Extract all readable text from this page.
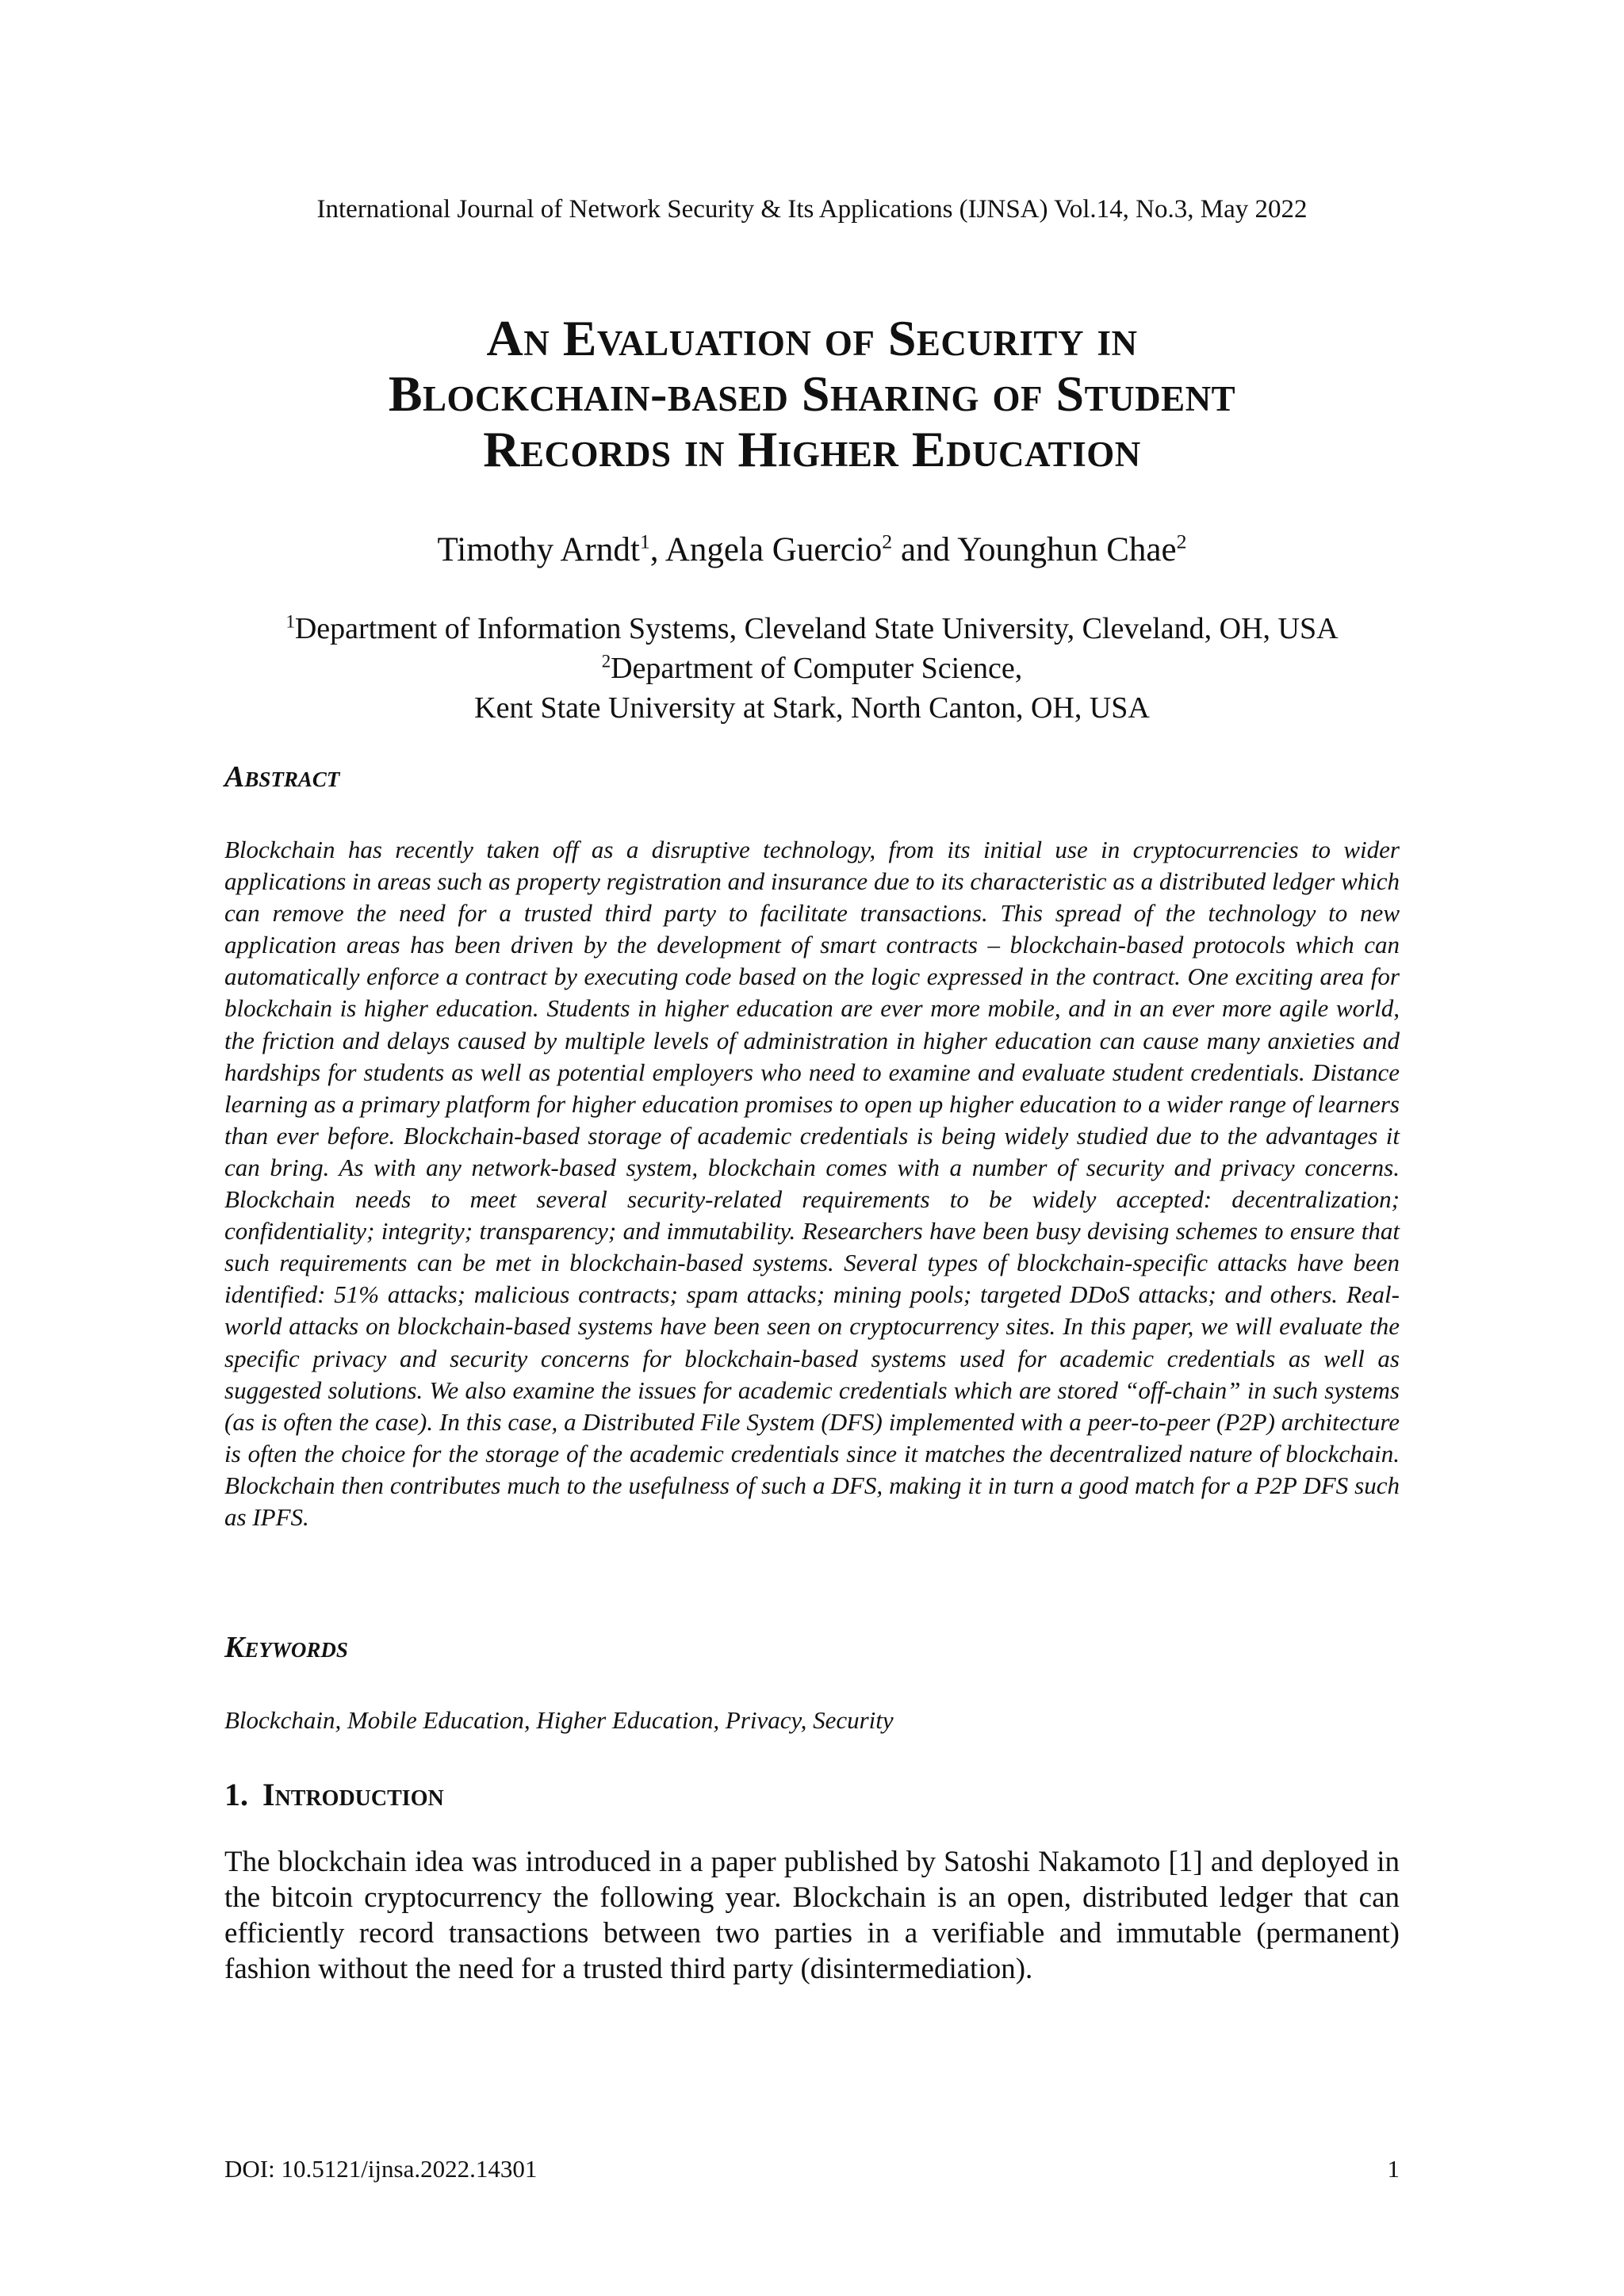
International Journal of Network Security & Its Applications (IJNSA) Vol.14, No.3, May 2022
An Evaluation of Security in
Blockchain-based Sharing of Student
Records in Higher Education
Timothy Arndt$^1$, Angela Guercio$^2$ and Younghun Chae$^2$
$^1$Department of Information Systems, Cleveland State University, Cleveland, OH, USA
$^2$Department of Computer Science,
Kent State University at Stark, North Canton, OH, USA
Abstract
Blockchain has recently taken off as a disruptive technology, from its initial use in cryptocurrencies to wider applications in areas such as property registration and insurance due to its characteristic as a distributed ledger which can remove the need for a trusted third party to facilitate transactions. This spread of the technology to new application areas has been driven by the development of smart contracts – blockchain-based protocols which can automatically enforce a contract by executing code based on the logic expressed in the contract. One exciting area for blockchain is higher education. Students in higher education are ever more mobile, and in an ever more agile world, the friction and delays caused by multiple levels of administration in higher education can cause many anxieties and hardships for students as well as potential employers who need to examine and evaluate student credentials. Distance learning as a primary platform for higher education promises to open up higher education to a wider range of learners than ever before. Blockchain-based storage of academic credentials is being widely studied due to the advantages it can bring. As with any network-based system, blockchain comes with a number of security and privacy concerns. Blockchain needs to meet several security-related requirements to be widely accepted: decentralization; confidentiality; integrity; transparency; and immutability. Researchers have been busy devising schemes to ensure that such requirements can be met in blockchain-based systems. Several types of blockchain-specific attacks have been identified: 51% attacks; malicious contracts; spam attacks; mining pools; targeted DDoS attacks; and others. Real-world attacks on blockchain-based systems have been seen on cryptocurrency sites. In this paper, we will evaluate the specific privacy and security concerns for blockchain-based systems used for academic credentials as well as suggested solutions. We also examine the issues for academic credentials which are stored “off-chain” in such systems (as is often the case). In this case, a Distributed File System (DFS) implemented with a peer-to-peer (P2P) architecture is often the choice for the storage of the academic credentials since it matches the decentralized nature of blockchain. Blockchain then contributes much to the usefulness of such a DFS, making it in turn a good match for a P2P DFS such as IPFS.
Keywords
Blockchain, Mobile Education, Higher Education, Privacy, Security
1. Introduction
The blockchain idea was introduced in a paper published by Satoshi Nakamoto [1] and deployed in the bitcoin cryptocurrency the following year. Blockchain is an open, distributed ledger that can efficiently record transactions between two parties in a verifiable and immutable (permanent) fashion without the need for a trusted third party (disintermediation).
DOI: 10.5121/ijnsa.2022.14301	1
